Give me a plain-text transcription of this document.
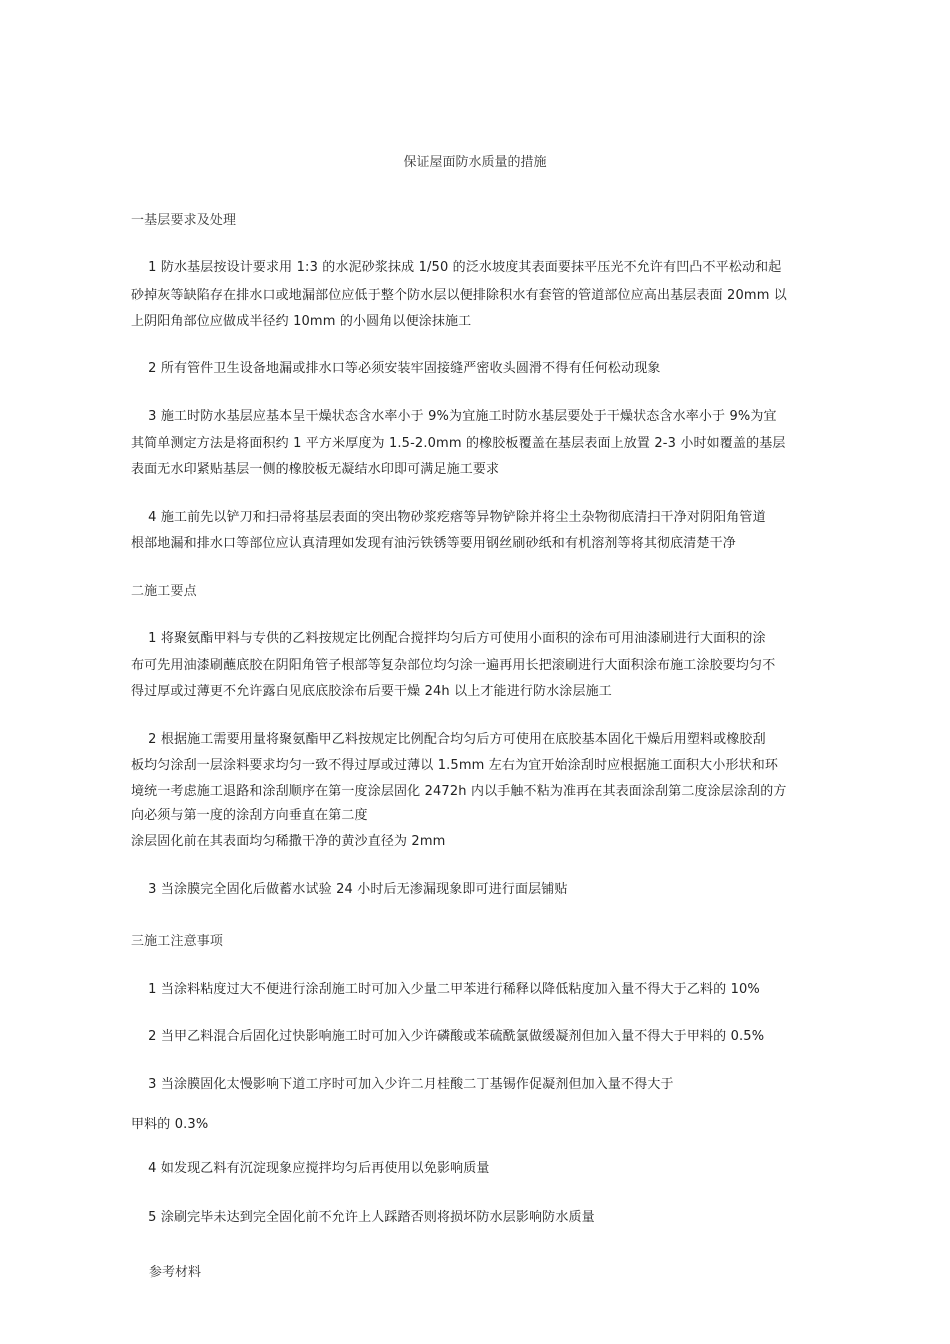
保证屋面防水质量的措施
一基层要求及处理
1 防水基层按设计要求用 1:3 的水泥砂浆抹成 1/50 的泛水坡度其表面要抹平压光不允许有凹凸不平松动和起
砂掉灰等缺陷存在排水口或地漏部位应低于整个防水层以便排除积水有套管的管道部位应高出基层表面 20mm 以
上阴阳角部位应做成半径约 10mm 的小圆角以便涂抹施工
2 所有管件卫生设备地漏或排水口等必须安装牢固接缝严密收头圆滑不得有任何松动现象
3 施工时防水基层应基本呈干燥状态含水率小于 9%为宜施工时防水基层要处于干燥状态含水率小于 9%为宜
其简单测定方法是将面积约 1 平方米厚度为 1.5-2.0mm 的橡胶板覆盖在基层表面上放置 2-3 小时如覆盖的基层
表面无水印紧贴基层一侧的橡胶板无凝结水印即可满足施工要求
4 施工前先以铲刀和扫帚将基层表面的突出物砂浆疙瘩等异物铲除并将尘土杂物彻底清扫干净对阴阳角管道
根部地漏和排水口等部位应认真清理如发现有油污铁锈等要用钢丝刷砂纸和有机溶剂等将其彻底清楚干净
二施工要点
1 将聚氨酯甲料与专供的乙料按规定比例配合搅拌均匀后方可使用小面积的涂布可用油漆刷进行大面积的涂
布可先用油漆刷蘸底胶在阴阳角管子根部等复杂部位均匀涂一遍再用长把滚刷进行大面积涂布施工涂胶要均匀不
得过厚或过薄更不允许露白见底底胶涂布后要干燥 24h 以上才能进行防水涂层施工
2 根据施工需要用量将聚氨酯甲乙料按规定比例配合均匀后方可使用在底胶基本固化干燥后用塑料或橡胶刮
板均匀涂刮一层涂料要求均匀一致不得过厚或过薄以 1.5mm 左右为宜开始涂刮时应根据施工面积大小形状和环
境统一考虑施工退路和涂刮顺序在第一度涂层固化 2472h 内以手触不粘为准再在其表面涂刮第二度涂层涂刮的方
向必须与第一度的涂刮方向垂直在第二度
涂层固化前在其表面均匀稀撒干净的黄沙直径为 2mm
3 当涂膜完全固化后做蓄水试验 24 小时后无渗漏现象即可进行面层铺贴
三施工注意事项
1 当涂料粘度过大不便进行涂刮施工时可加入少量二甲苯进行稀释以降低粘度加入量不得大于乙料的 10%
2 当甲乙料混合后固化过快影响施工时可加入少许磷酸或苯硫酰氯做缓凝剂但加入量不得大于甲料的 0.5%
3 当涂膜固化太慢影响下道工序时可加入少许二月桂酸二丁基锡作促凝剂但加入量不得大于
甲料的 0.3%
4 如发现乙料有沉淀现象应搅拌均匀后再使用以免影响质量
5 涂刷完毕未达到完全固化前不允许上人踩踏否则将损坏防水层影响防水质量
参考材料
